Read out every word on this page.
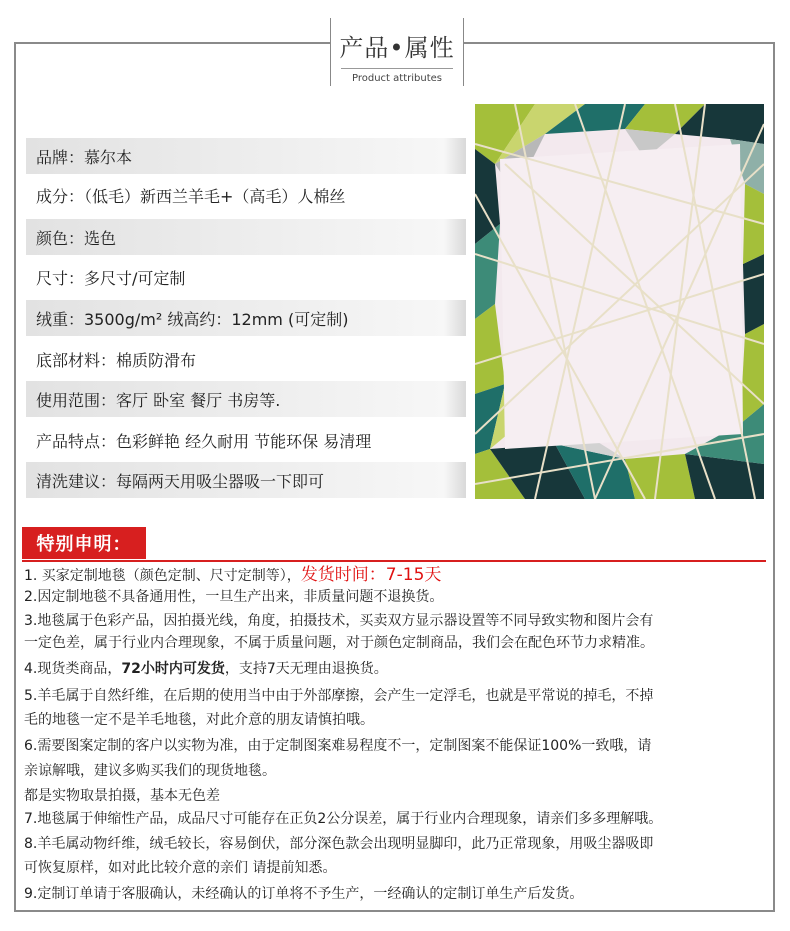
产品•属性
Product attributes
品牌：慕尔本
成分：（低毛）新西兰羊毛+（高毛）人棉丝
颜色：选色
尺寸：多尺寸/可定制
绒重：3500g/m² 绒高约：12mm (可定制)
底部材料：棉质防滑布
使用范围：客厅 卧室 餐厅 书房等.
产品特点：色彩鲜艳 经久耐用 节能环保 易清理
清洗建议：每隔两天用吸尘器吸一下即可
特别申明：
1. 买家定制地毯（颜色定制、尺寸定制等），发货时间：7-15天
2.因定制地毯不具备通用性，一旦生产出来，非质量问题不退换货。
3.地毯属于色彩产品，因拍摄光线，角度，拍摄技术，买卖双方显示器设置等不同导致实物和图片会有
一定色差，属于行业内合理现象，不属于质量问题，对于颜色定制商品，我们会在配色环节力求精准。
4.现货类商品，72小时内可发货，支持7天无理由退换货。
5.羊毛属于自然纤维，在后期的使用当中由于外部摩擦，会产生一定浮毛，也就是平常说的掉毛，不掉
毛的地毯一定不是羊毛地毯，对此介意的朋友请慎拍哦。
6.需要图案定制的客户以实物为准，由于定制图案难易程度不一，定制图案不能保证100%一致哦，请
亲谅解哦，建议多购买我们的现货地毯。
都是实物取景拍摄，基本无色差
7.地毯属于伸缩性产品，成品尺寸可能存在正负2公分误差，属于行业内合理现象，请亲们多多理解哦。
8.羊毛属动物纤维，绒毛较长，容易倒伏，部分深色款会出现明显脚印，此乃正常现象，用吸尘器吸即
可恢复原样，如对此比较介意的亲们 请提前知悉。
9.定制订单请于客服确认，未经确认的订单将不予生产，一经确认的定制订单生产后发货。
